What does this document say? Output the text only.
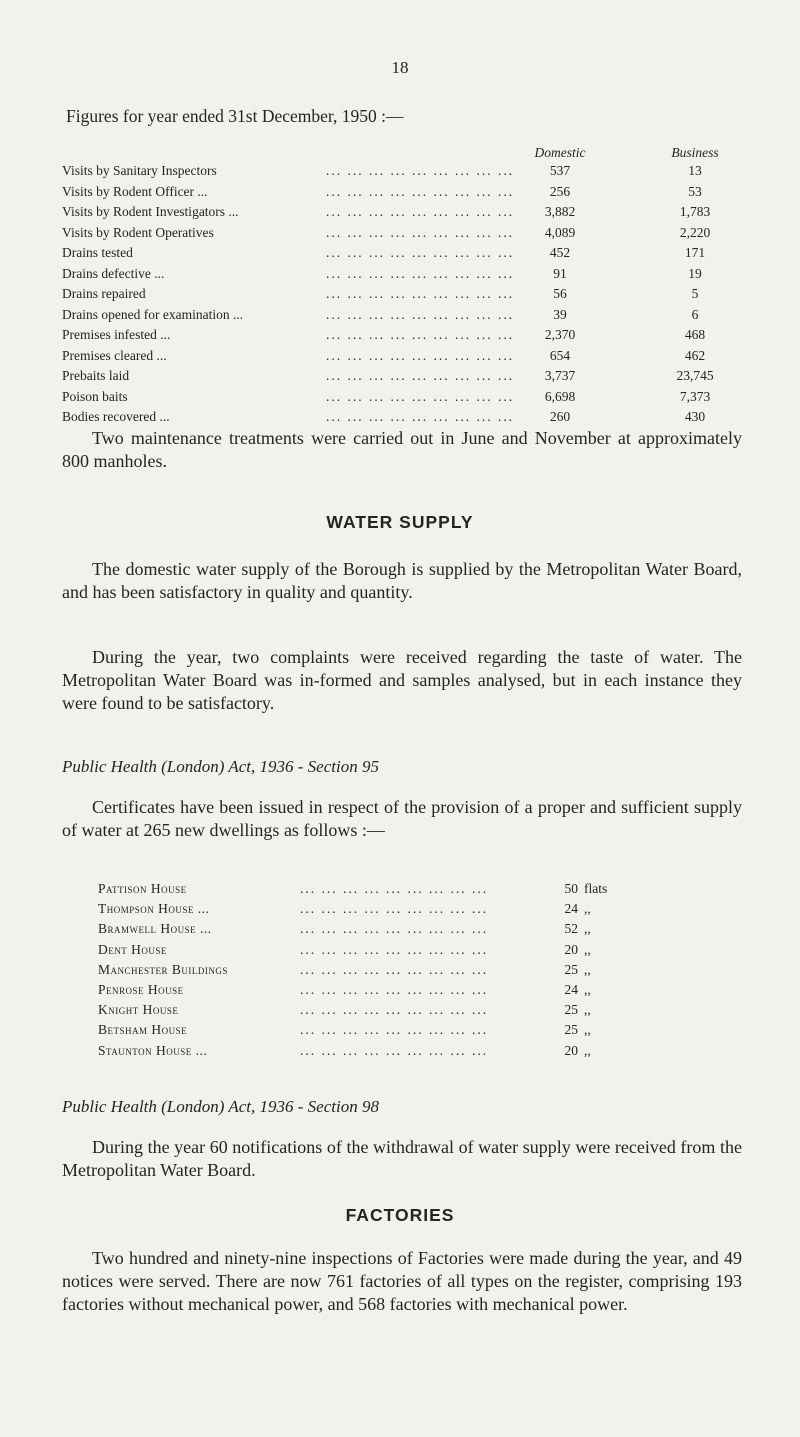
18
Figures for year ended 31st December, 1950 :—
Domestic	Business
Visits by Sanitary Inspectors	... ... ... ... ... ... ... ... ...	537	13
Visits by Rodent Officer ...	... ... ... ... ... ... ... ... ...	256	53
Visits by Rodent Investigators ...	... ... ... ... ... ... ... ... ...	3,882	1,783
Visits by Rodent Operatives	... ... ... ... ... ... ... ... ...	4,089	2,220
Drains tested	... ... ... ... ... ... ... ... ...	452	171
Drains defective ...	... ... ... ... ... ... ... ... ...	91	19
Drains repaired	... ... ... ... ... ... ... ... ...	56	5
Drains opened for examination ...	... ... ... ... ... ... ... ... ...	39	6
Premises infested ...	... ... ... ... ... ... ... ... ...	2,370	468
Premises cleared ...	... ... ... ... ... ... ... ... ...	654	462
Prebaits laid	... ... ... ... ... ... ... ... ...	3,737	23,745
Poison baits	... ... ... ... ... ... ... ... ...	6,698	7,373
Bodies recovered ...	... ... ... ... ... ... ... ... ...	260	430

Two maintenance treatments were carried out in June and November at approximately 800 manholes.

WATER SUPPLY

The domestic water supply of the Borough is supplied by the Metropolitan Water Board, and has been satisfactory in quality and quantity.

During the year, two complaints were received regarding the taste of water. The Metropolitan Water Board was in-formed and samples analysed, but in each instance they were found to be satisfactory.

Public Health (London) Act, 1936 - Section 95

Certificates have been issued in respect of the provision of a proper and sufficient supply of water at 265 new dwellings as follows :—

Pattison House	... ... ... ... ... ... ... ... ...	50 flats
Thompson House ...	... ... ... ... ... ... ... ... ...	24 ,,
Bramwell House ...	... ... ... ... ... ... ... ... ...	52 ,,
Dent House	... ... ... ... ... ... ... ... ...	20 ,,
Manchester Buildings	... ... ... ... ... ... ... ... ...	25 ,,
Penrose House	... ... ... ... ... ... ... ... ...	24 ,,
Knight House	... ... ... ... ... ... ... ... ...	25 ,,
Betsham House	... ... ... ... ... ... ... ... ...	25 ,,
Staunton House ...	... ... ... ... ... ... ... ... ...	20 ,,
Public Health (London) Act, 1936 - Section 98

During the year 60 notifications of the withdrawal of water supply were received from the Metropolitan Water Board.

FACTORIES

Two hundred and ninety-nine inspections of Factories were made during the year, and 49 notices were served. There are now 761 factories of all types on the register, comprising 193 factories without mechanical power, and 568 factories with mechanical power.
